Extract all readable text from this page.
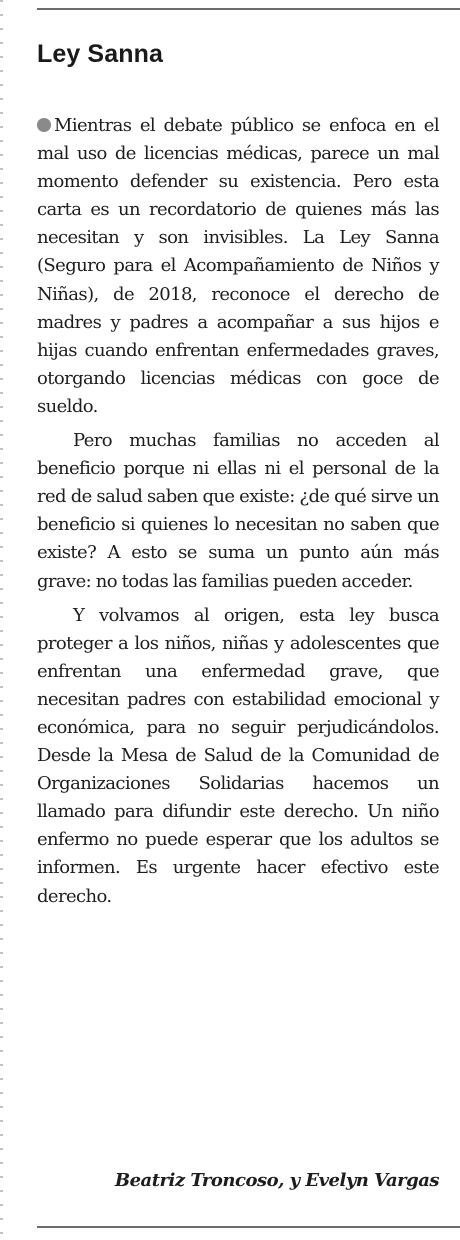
Ley Sanna

Mientras el debate público se enfoca en el mal uso de licencias médicas, parece un mal momento defender su existencia. Pero esta carta es un recordatorio de quienes más las necesitan y son invisibles. La Ley Sanna (Seguro para el Acompañamiento de Niños y Niñas), de 2018, reconoce el derecho de madres y padres a acompañar a sus hijos e hijas cuando enfrentan enfermedades graves, otorgando licencias médicas con goce de sueldo.

Pero muchas familias no acceden al beneficio porque ni ellas ni el personal de la red de salud saben que existe: ¿de qué sirve un beneficio si quienes lo necesitan no saben que existe? A esto se suma un punto aún más grave: no todas las familias pueden acceder.

Y volvamos al origen, esta ley busca proteger a los niños, niñas y adolescentes que enfrentan una enfermedad grave, que necesitan padres con estabilidad emocional y económica, para no seguir perjudicándolos. Desde la Mesa de Salud de la Comunidad de Organizaciones Solidarias hacemos un llamado para difundir este derecho. Un niño enfermo no puede esperar que los adultos se informen. Es urgente hacer efectivo este derecho.

Beatriz Troncoso, y Evelyn Vargas
